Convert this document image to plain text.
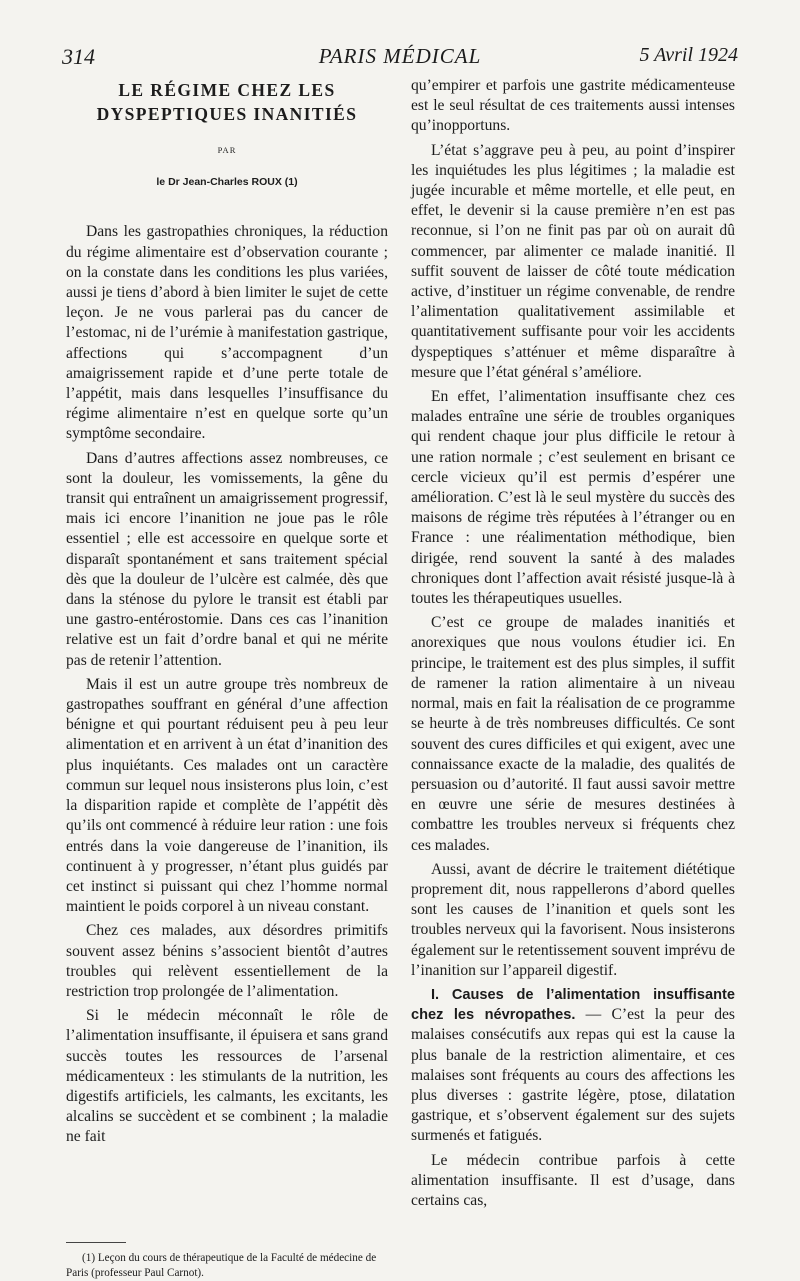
314	PARIS MÉDICAL	5 Avril 1924
LE RÉGIME CHEZ LES DYSPEPTIQUES INANITIÉS
PAR
le Dr Jean-Charles ROUX (1)

Dans les gastropathies chroniques, la réduction du régime alimentaire est d’observation courante ; on la constate dans les conditions les plus variées, aussi je tiens d’abord à bien limiter le sujet de cette leçon. Je ne vous parlerai pas du cancer de l’estomac, ni de l’urémie à manifestation gastrique, affections qui s’accompagnent d’un amaigrissement rapide et d’une perte totale de l’appétit, mais dans lesquelles l’insuffisance du régime alimentaire n’est en quelque sorte qu’un symptôme secondaire.

Dans d’autres affections assez nombreuses, ce sont la douleur, les vomissements, la gêne du transit qui entraînent un amaigrissement progressif, mais ici encore l’inanition ne joue pas le rôle essentiel ; elle est accessoire en quelque sorte et disparaît spontanément et sans traitement spécial dès que la douleur de l’ulcère est calmée, dès que dans la sténose du pylore le transit est établi par une gastro-entérostomie. Dans ces cas l’inanition relative est un fait d’ordre banal et qui ne mérite pas de retenir l’attention.

Mais il est un autre groupe très nombreux de gastropathes souffrant en général d’une affection bénigne et qui pourtant réduisent peu à peu leur alimentation et en arrivent à un état d’inanition des plus inquiétants. Ces malades ont un caractère commun sur lequel nous insisterons plus loin, c’est la disparition rapide et complète de l’appétit dès qu’ils ont commencé à réduire leur ration : une fois entrés dans la voie dangereuse de l’inanition, ils continuent à y progresser, n’étant plus guidés par cet instinct si puissant qui chez l’homme normal maintient le poids corporel à un niveau constant.

Chez ces malades, aux désordres primitifs souvent assez bénins s’associent bientôt d’autres troubles qui relèvent essentiellement de la restriction trop prolongée de l’alimentation.

Si le médecin méconnaît le rôle de l’alimentation insuffisante, il épuisera et sans grand succès toutes les ressources de l’arsenal médicamenteux : les stimulants de la nutrition, les digestifs artificiels, les calmants, les excitants, les alcalins se succèdent et se combinent ; la maladie ne fait

(1) Leçon du cours de thérapeutique de la Faculté de médecine de Paris (professeur Paul Carnot).

qu’empirer et parfois une gastrite médicamenteuse est le seul résultat de ces traitements aussi intenses qu’inopportuns.

L’état s’aggrave peu à peu, au point d’inspirer les inquiétudes les plus légitimes ; la maladie est jugée incurable et même mortelle, et elle peut, en effet, le devenir si la cause première n’en est pas reconnue, si l’on ne finit pas par où on aurait dû commencer, par alimenter ce malade inanitié. Il suffit souvent de laisser de côté toute médication active, d’instituer un régime convenable, de rendre l’alimentation qualitativement assimilable et quantitativement suffisante pour voir les accidents dyspeptiques s’atténuer et même disparaître à mesure que l’état général s’améliore.

En effet, l’alimentation insuffisante chez ces malades entraîne une série de troubles organiques qui rendent chaque jour plus difficile le retour à une ration normale ; c’est seulement en brisant ce cercle vicieux qu’il est permis d’espérer une amélioration. C’est là le seul mystère du succès des maisons de régime très réputées à l’étranger ou en France : une réalimentation méthodique, bien dirigée, rend souvent la santé à des malades chroniques dont l’affection avait résisté jusque-là à toutes les thérapeutiques usuelles.

C’est ce groupe de malades inanitiés et anorexiques que nous voulons étudier ici. En principe, le traitement est des plus simples, il suffit de ramener la ration alimentaire à un niveau normal, mais en fait la réalisation de ce programme se heurte à de très nombreuses difficultés. Ce sont souvent des cures difficiles et qui exigent, avec une connaissance exacte de la maladie, des qualités de persuasion ou d’autorité. Il faut aussi savoir mettre en œuvre une série de mesures destinées à combattre les troubles nerveux si fréquents chez ces malades.

Aussi, avant de décrire le traitement diététique proprement dit, nous rappellerons d’abord quelles sont les causes de l’inanition et quels sont les troubles nerveux qui la favorisent. Nous insisterons également sur le retentissement souvent imprévu de l’inanition sur l’appareil digestif.

I. Causes de l’alimentation insuffisante chez les névropathes. — C’est la peur des malaises consécutifs aux repas qui est la cause la plus banale de la restriction alimentaire, et ces malaises sont fréquents au cours des affections les plus diverses : gastrite légère, ptose, dilatation gastrique, et s’observent également sur des sujets surmenés et fatigués.

Le médecin contribue parfois à cette alimentation insuffisante. Il est d’usage, dans certains cas,
